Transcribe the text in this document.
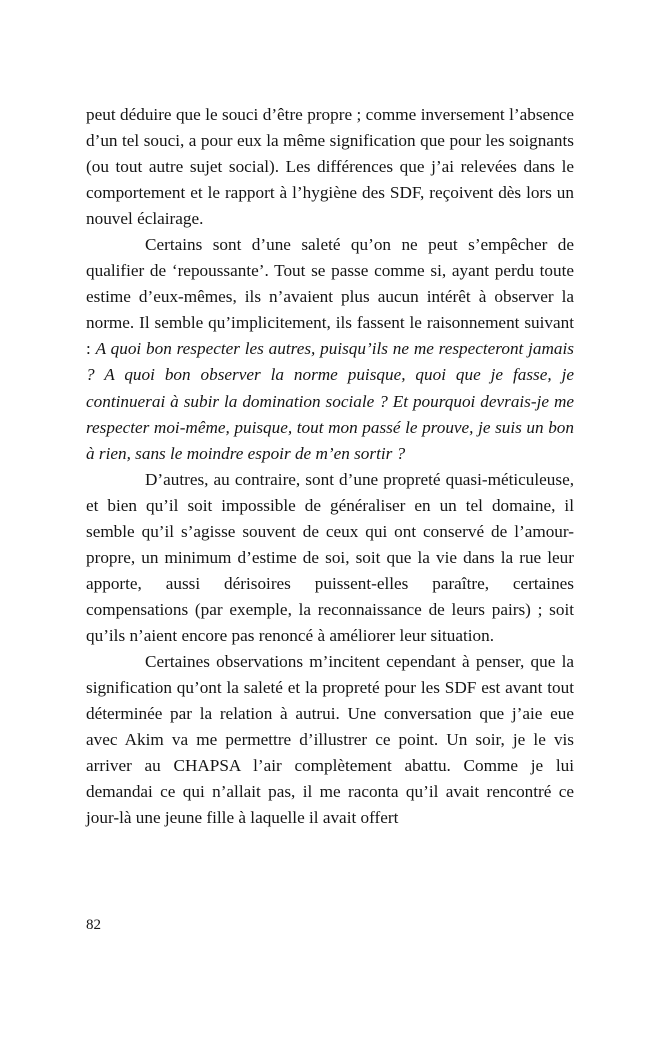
peut déduire que le souci d’être propre ; comme inversement l’absence d’un tel souci, a pour eux la même signification que pour les soignants (ou tout autre sujet social). Les différences que j’ai relevées dans le comportement et le rapport à l’hygiène des SDF, reçoivent dès lors un nouvel éclairage.

Certains sont d’une saleté qu’on ne peut s’empêcher de qualifier de ‘repoussante’. Tout se passe comme si, ayant perdu toute estime d’eux-mêmes, ils n’avaient plus aucun intérêt à observer la norme. Il semble qu’implicitement, ils fassent le raisonnement suivant : A quoi bon respecter les autres, puisqu’ils ne me respecteront jamais ? A quoi bon observer la norme puisque, quoi que je fasse, je continuerai à subir la domination sociale ? Et pourquoi devrais-je me respecter moi-même, puisque, tout mon passé le prouve, je suis un bon à rien, sans le moindre espoir de m’en sortir ?

D’autres, au contraire, sont d’une propreté quasi-méticuleuse, et bien qu’il soit impossible de généraliser en un tel domaine, il semble qu’il s’agisse souvent de ceux qui ont conservé de l’amour-propre, un minimum d’estime de soi, soit que la vie dans la rue leur apporte, aussi dérisoires puissent-elles paraître, certaines compensations (par exemple, la reconnaissance de leurs pairs) ; soit qu’ils n’aient encore pas renoncé à améliorer leur situation.

Certaines observations m’incitent cependant à penser, que la signification qu’ont la saleté et la propreté pour les SDF est avant tout déterminée par la relation à autrui. Une conversation que j’aie eue avec Akim va me permettre d’illustrer ce point. Un soir, je le vis arriver au CHAPSA l’air complètement abattu. Comme je lui demandai ce qui n’allait pas, il me raconta qu’il avait rencontré ce jour-là une jeune fille à laquelle il avait offert

82
